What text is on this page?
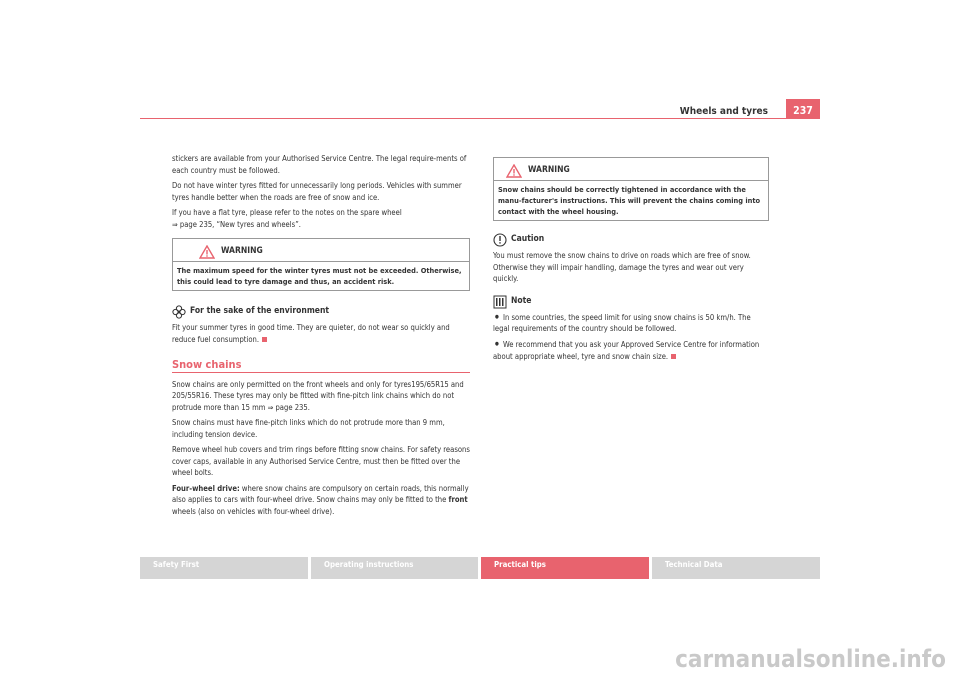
Wheels and tyres	237

stickers are available from your Authorised Service Centre. The legal require-ments of each country must be followed.

Do not have winter tyres fitted for unnecessarily long periods. Vehicles with summer tyres handle better when the roads are free of snow and ice.

If you have a flat tyre, please refer to the notes on the spare wheel
⇒ page 235, “New tyres and wheels”.

WARNING
The maximum speed for the winter tyres must not be exceeded. Otherwise, this could lead to tyre damage and thus, an accident risk.
For the sake of the environment

Fit your summer tyres in good time. They are quieter, do not wear so quickly and reduce fuel consumption.

Snow chains

Snow chains are only permitted on the front wheels and only for tyres195/65R15 and 205/55R16. These tyres may only be fitted with fine-pitch link chains which do not protrude more than 15 mm ⇒ page 235.

Snow chains must have fine-pitch links which do not protrude more than 9 mm, including tension device.

Remove wheel hub covers and trim rings before fitting snow chains. For safety reasons cover caps, available in any Authorised Service Centre, must then be fitted over the wheel bolts.

Four-wheel drive: where snow chains are compulsory on certain roads, this normally also applies to cars with four-wheel drive. Snow chains may only be fitted to the front wheels (also on vehicles with four-wheel drive).

WARNING
Snow chains should be correctly tightened in accordance with the manu-facturer's instructions. This will prevent the chains coming into contact with the wheel housing.
Caution

You must remove the snow chains to drive on roads which are free of snow. Otherwise they will impair handling, damage the tyres and wear out very quickly.

Note

● In some countries, the speed limit for using snow chains is 50 km/h. The legal requirements of the country should be followed.

● We recommend that you ask your Approved Service Centre for information about appropriate wheel, tyre and snow chain size.

Safety First	Operating instructions	Practical tips	Technical Data
carmanualsonline.info
